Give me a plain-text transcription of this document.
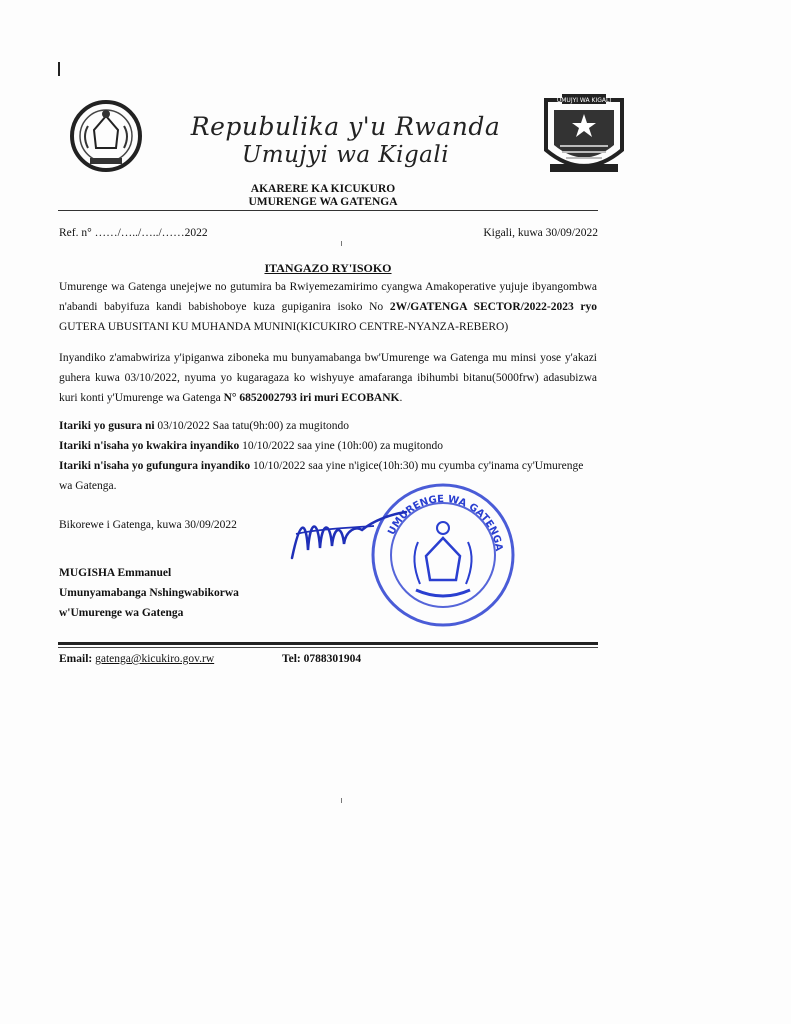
Repubulika y'u Rwanda
Umujyi wa Kigali
UMUJYI WA KIGALI
AKARERE KA KICUKURO
UMURENGE WA GATENGA
Ref. n° ……/…../…../……2022	Kigali, kuwa 30/09/2022
ITANGAZO RY'ISOKO
Umurenge wa Gatenga unejejwe no gutumira ba Rwiyemezamirimo cyangwa Amakoperative yujuje ibyangombwa n'abandi babyifuza kandi babishoboye kuza gupiganira isoko No 2W/GATENGA SECTOR/2022-2023 ryo GUTERA UBUSITANI KU MUHANDA MUNINI(KICUKIRO CENTRE-NYANZA-REBERO)
Inyandiko z'amabwiriza y'ipiganwa ziboneka mu bunyamabanga bw'Umurenge wa Gatenga mu minsi yose y'akazi guhera kuwa 03/10/2022, nyuma yo kugaragaza ko wishyuye amafaranga ibihumbi bitanu(5000frw) adasubizwa kuri konti y'Umurenge wa Gatenga N° 6852002793 iri muri ECOBANK.
Itariki yo gusura ni 03/10/2022 Saa tatu(9h:00) za mugitondo
Itariki n'isaha yo kwakira inyandiko 10/10/2022 saa yine (10h:00) za mugitondo
Itariki n'isaha yo gufungura inyandiko 10/10/2022 saa yine n'igice(10h:30) mu cyumba cy'inama cy'Umurenge wa Gatenga.
Bikorewe i Gatenga, kuwa 30/09/2022
MUGISHA Emmanuel
Umunyamabanga Nshingwabikorwa
w'Umurenge wa Gatenga
UMURENGE WA GATENGA
Email: gatenga@kicukiro.gov.rw	Tel: 0788301904
